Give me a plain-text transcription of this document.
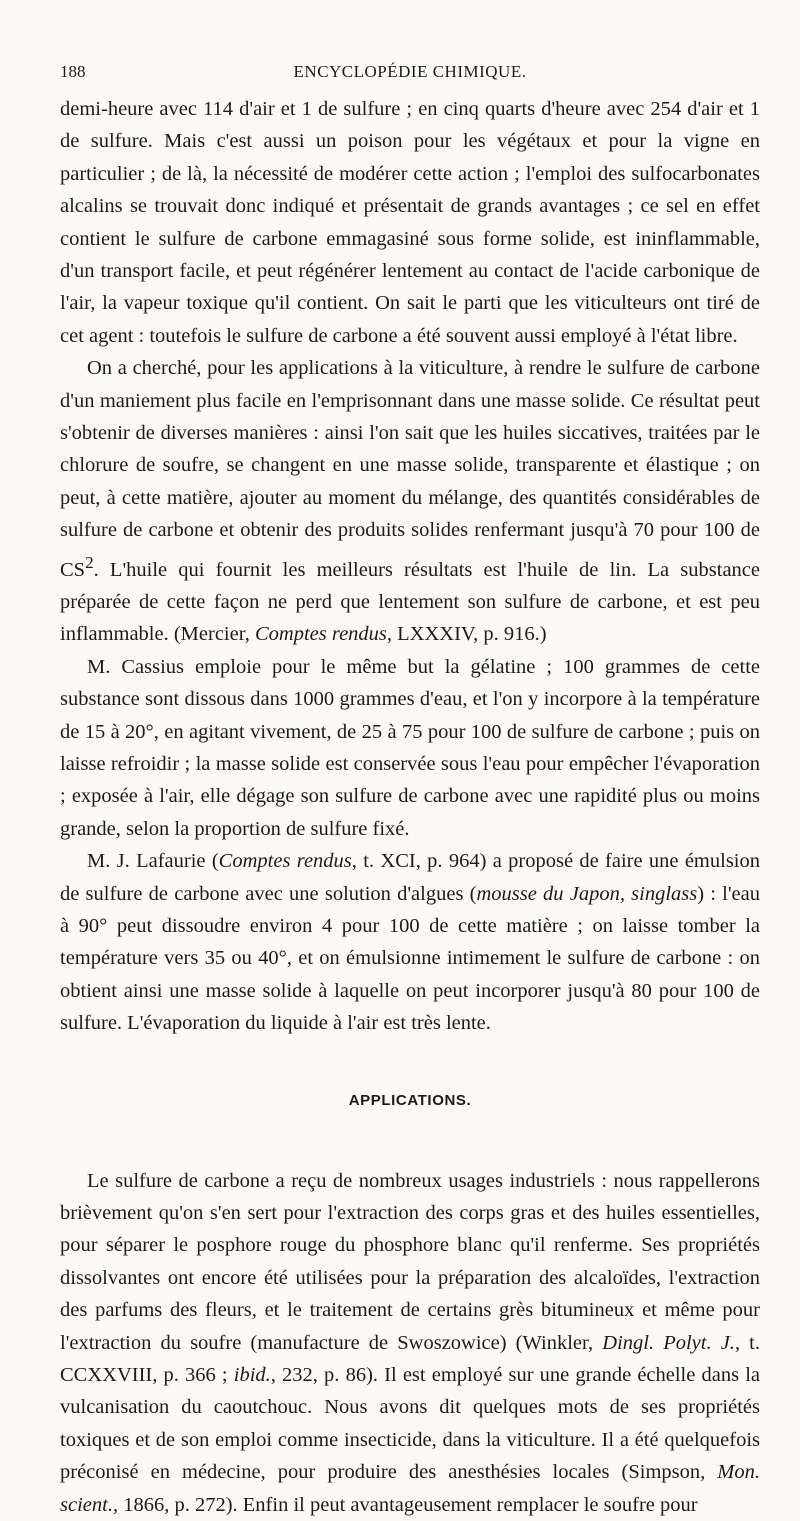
188	ENCYCLOPÉDIE CHIMIQUE.

demi-heure avec 114 d'air et 1 de sulfure ; en cinq quarts d'heure avec 254 d'air et 1 de sulfure. Mais c'est aussi un poison pour les végétaux et pour la vigne en particulier ; de là, la nécessité de modérer cette action ; l'emploi des sulfocarbonates alcalins se trouvait donc indiqué et présentait de grands avantages ; ce sel en effet contient le sulfure de carbone emmagasiné sous forme solide, est ininflammable, d'un transport facile, et peut régénérer lentement au contact de l'acide carbonique de l'air, la vapeur toxique qu'il contient. On sait le parti que les viticulteurs ont tiré de cet agent : toutefois le sulfure de carbone a été souvent aussi employé à l'état libre.

On a cherché, pour les applications à la viticulture, à rendre le sulfure de carbone d'un maniement plus facile en l'emprisonnant dans une masse solide. Ce résultat peut s'obtenir de diverses manières : ainsi l'on sait que les huiles siccatives, traitées par le chlorure de soufre, se changent en une masse solide, transparente et élastique ; on peut, à cette matière, ajouter au moment du mélange, des quantités considérables de sulfure de carbone et obtenir des produits solides renfermant jusqu'à 70 pour 100 de $CS^2$. L'huile qui fournit les meilleurs résultats est l'huile de lin. La substance préparée de cette façon ne perd que lentement son sulfure de carbone, et est peu inflammable. (Mercier, Comptes rendus, LXXXIV, p. 916.)

M. Cassius emploie pour le même but la gélatine ; 100 grammes de cette substance sont dissous dans 1000 grammes d'eau, et l'on y incorpore à la température de 15 à 20°, en agitant vivement, de 25 à 75 pour 100 de sulfure de carbone ; puis on laisse refroidir ; la masse solide est conservée sous l'eau pour empêcher l'évaporation ; exposée à l'air, elle dégage son sulfure de carbone avec une rapidité plus ou moins grande, selon la proportion de sulfure fixé.

M. J. Lafaurie (Comptes rendus, t. XCI, p. 964) a proposé de faire une émulsion de sulfure de carbone avec une solution d'algues (mousse du Japon, singlass) : l'eau à 90° peut dissoudre environ 4 pour 100 de cette matière ; on laisse tomber la température vers 35 ou 40°, et on émulsionne intimement le sulfure de carbone : on obtient ainsi une masse solide à laquelle on peut incorporer jusqu'à 80 pour 100 de sulfure. L'évaporation du liquide à l'air est très lente.

APPLICATIONS.

Le sulfure de carbone a reçu de nombreux usages industriels : nous rappellerons brièvement qu'on s'en sert pour l'extraction des corps gras et des huiles essentielles, pour séparer le posphore rouge du phosphore blanc qu'il renferme. Ses propriétés dissolvantes ont encore été utilisées pour la préparation des alcaloïdes, l'extraction des parfums des fleurs, et le traitement de certains grès bitumineux et même pour l'extraction du soufre (manufacture de Swoszowice) (Winkler, Dingl. Polyt. J., t. CCXXVIII, p. 366 ; ibid., 232, p. 86). Il est employé sur une grande échelle dans la vulcanisation du caoutchouc. Nous avons dit quelques mots de ses propriétés toxiques et de son emploi comme insecticide, dans la viticulture. Il a été quelquefois préconisé en médecine, pour produire des anesthésies locales (Simpson, Mon. scient., 1866, p. 272). Enfin il peut avantageusement remplacer le soufre pour
